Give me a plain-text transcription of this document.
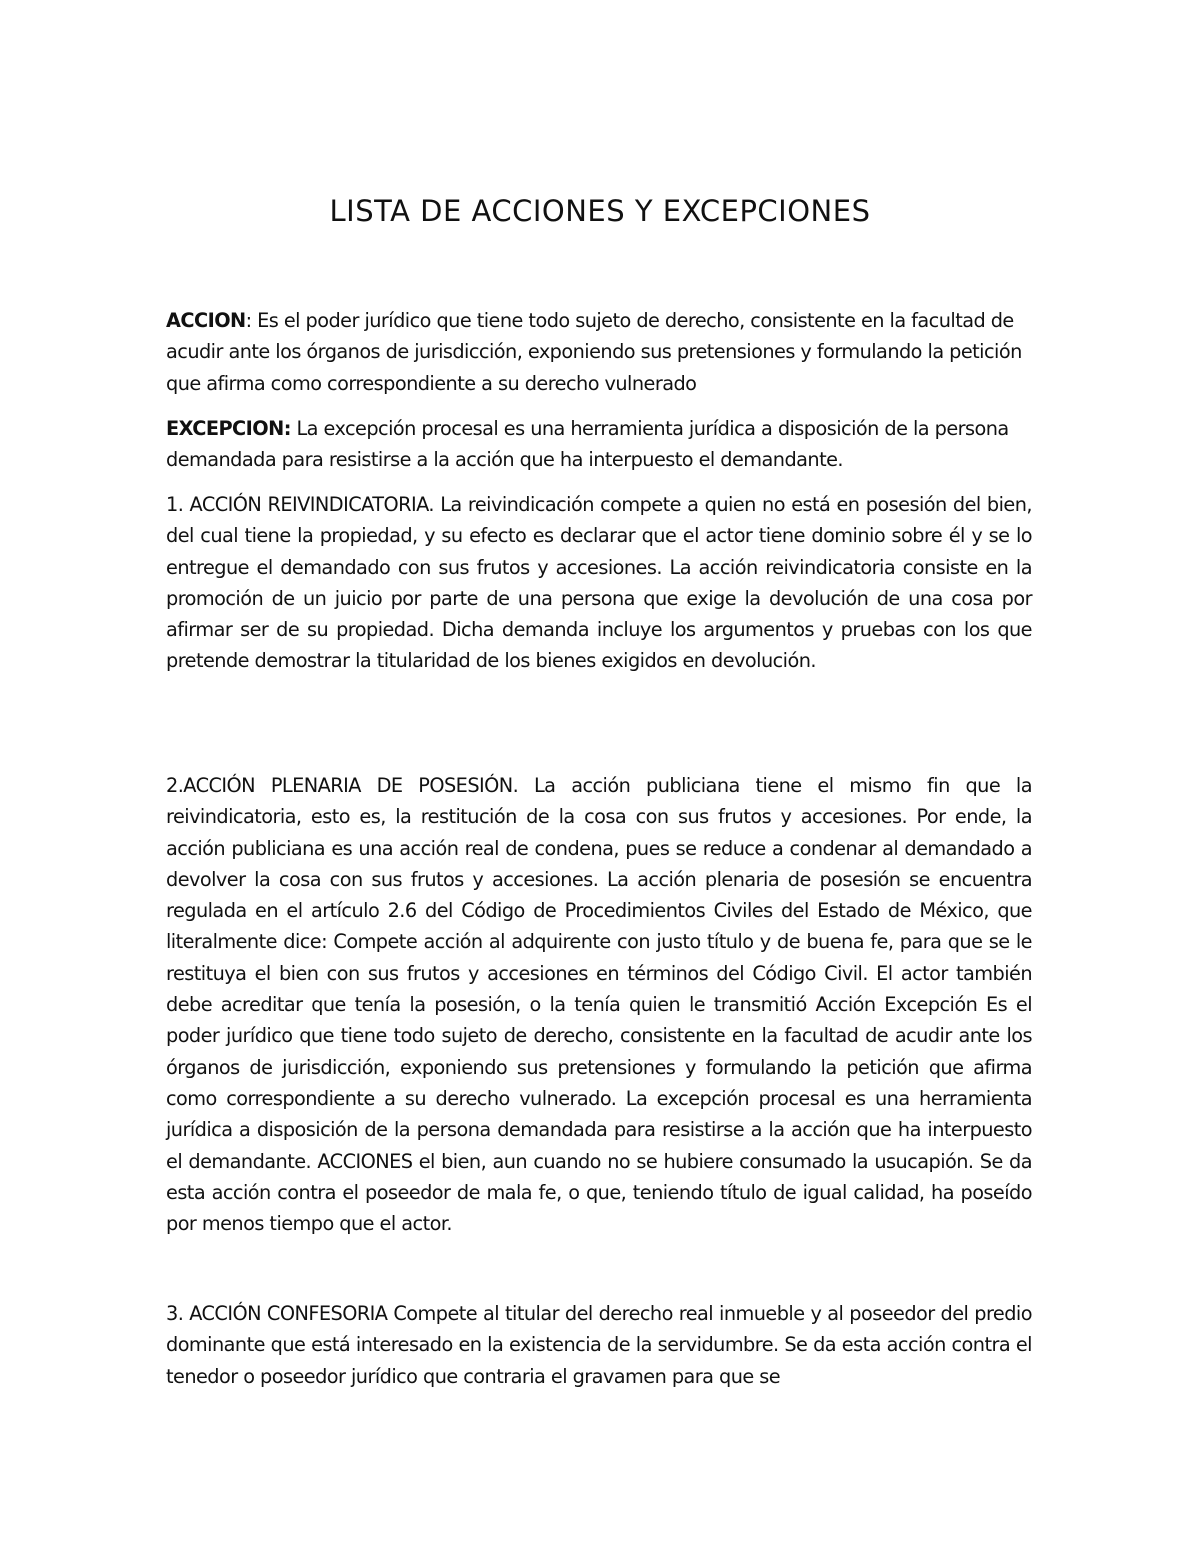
LISTA DE ACCIONES Y EXCEPCIONES

ACCION: Es el poder jurídico que tiene todo sujeto de derecho, consistente en la facultad de acudir ante los órganos de jurisdicción, exponiendo sus pretensiones y formulando la petición que afirma como correspondiente a su derecho vulnerado

EXCEPCION: La excepción procesal es una herramienta jurídica a disposición de la persona demandada para resistirse a la acción que ha interpuesto el demandante.

1. ACCIÓN REIVINDICATORIA. La reivindicación compete a quien no está en posesión del bien, del cual tiene la propiedad, y su efecto es declarar que el actor tiene dominio sobre él y se lo entregue el demandado con sus frutos y accesiones. La acción reivindicatoria consiste en la promoción de un juicio por parte de una persona que exige la devolución de una cosa por afirmar ser de su propiedad. Dicha demanda incluye los argumentos y pruebas con los que pretende demostrar la titularidad de los bienes exigidos en devolución.

2.ACCIÓN PLENARIA DE POSESIÓN. La acción publiciana tiene el mismo fin que la reivindicatoria, esto es, la restitución de la cosa con sus frutos y accesiones. Por ende, la acción publiciana es una acción real de condena, pues se reduce a condenar al demandado a devolver la cosa con sus frutos y accesiones. La acción plenaria de posesión se encuentra regulada en el artículo 2.6 del Código de Procedimientos Civiles del Estado de México, que literalmente dice: Compete acción al adquirente con justo título y de buena fe, para que se le restituya el bien con sus frutos y accesiones en términos del Código Civil. El actor también debe acreditar que tenía la posesión, o la tenía quien le transmitió Acción Excepción Es el poder jurídico que tiene todo sujeto de derecho, consistente en la facultad de acudir ante los órganos de jurisdicción, exponiendo sus pretensiones y formulando la petición que afirma como correspondiente a su derecho vulnerado. La excepción procesal es una herramienta jurídica a disposición de la persona demandada para resistirse a la acción que ha interpuesto el demandante. ACCIONES el bien, aun cuando no se hubiere consumado la usucapión. Se da esta acción contra el poseedor de mala fe, o que, teniendo título de igual calidad, ha poseído por menos tiempo que el actor.

3. ACCIÓN CONFESORIA Compete al titular del derecho real inmueble y al poseedor del predio dominante que está interesado en la existencia de la servidumbre. Se da esta acción contra el tenedor o poseedor jurídico que contraria el gravamen para que se
